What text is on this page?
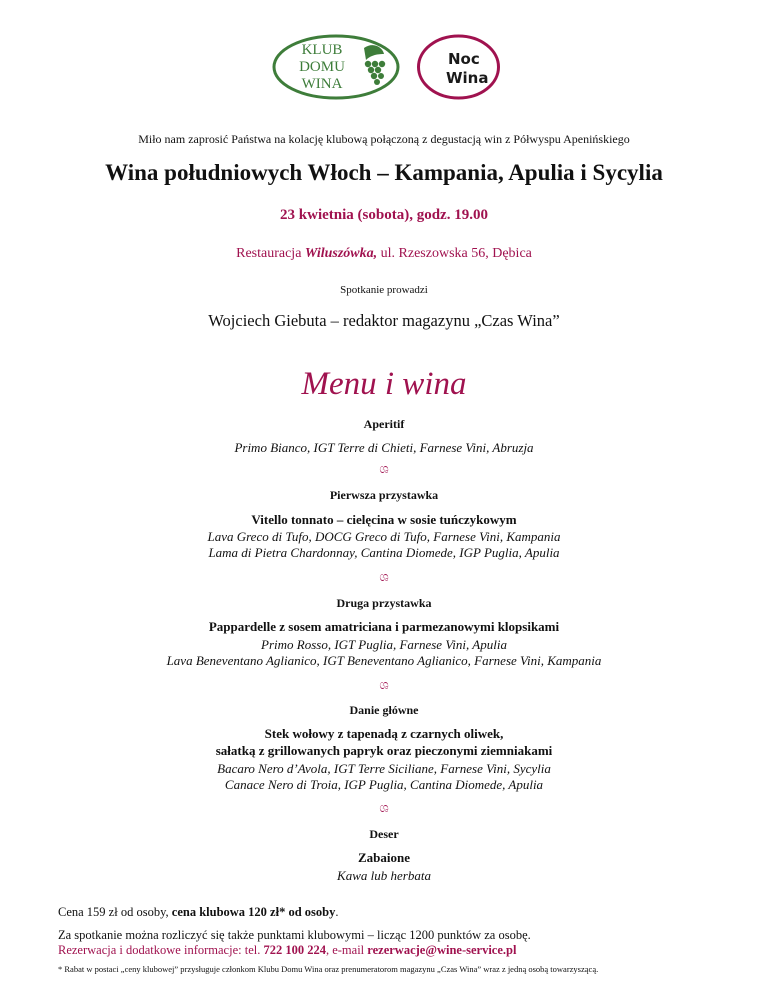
KLUB
DOMU
WINA
Noc
Wina
Miło nam zaprosić Państwa na kolację klubową połączoną z degustacją win z Półwyspu Apenińskiego
Wina południowych Włoch – Kampania, Apulia i Sycylia
23 kwietnia (sobota), godz. 19.00
Restauracja Wiluszówka, ul. Rzeszowska 56, Dębica
Spotkanie prowadzi
Wojciech Giebuta – redaktor magazynu „Czas Wina”
Menu i wina
Aperitif
Primo Bianco, IGT Terre di Chieti, Farnese Vini, Abruzja
ශ
Pierwsza przystawka
Vitello tonnato – cielęcina w sosie tuńczykowym
Lava Greco di Tufo, DOCG Greco di Tufo, Farnese Vini, Kampania
Lama di Pietra Chardonnay, Cantina Diomede, IGP Puglia, Apulia
ශ
Druga przystawka
Pappardelle z sosem amatriciana i parmezanowymi klopsikami
Primo Rosso, IGT Puglia, Farnese Vini, Apulia
Lava Beneventano Aglianico, IGT Beneventano Aglianico, Farnese Vini, Kampania
ශ
Danie główne
Stek wołowy z tapenadą z czarnych oliwek,
sałatką z grillowanych papryk oraz pieczonymi ziemniakami
Bacaro Nero d’Avola, IGT Terre Siciliane, Farnese Vini, Sycylia
Canace Nero di Troia, IGP Puglia, Cantina Diomede, Apulia
ශ
Deser
Zabaione
Kawa lub herbata
Cena 159 zł od osoby, cena klubowa 120 zł* od osoby.
Za spotkanie można rozliczyć się także punktami klubowymi – licząc 1200 punktów za osobę.
Rezerwacja i dodatkowe informacje: tel. 722 100 224, e-mail rezerwacje@wine-service.pl
* Rabat w postaci „ceny klubowej” przysługuje członkom Klubu Domu Wina oraz prenumeratorom magazynu „Czas Wina” wraz z jedną osobą towarzyszącą.
